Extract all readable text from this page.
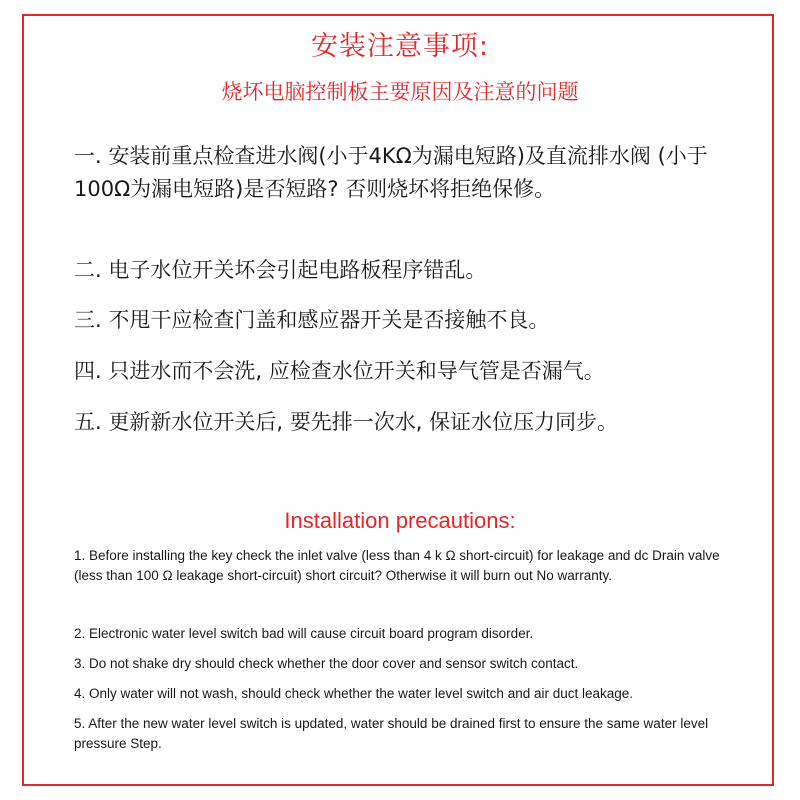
安装注意事项:
烧坏电脑控制板主要原因及注意的问题

一. 安装前重点检查进水阀(小于4KΩ为漏电短路)及直流排水阀 (小于100Ω为漏电短路)是否短路? 否则烧坏将拒绝保修。

二. 电子水位开关坏会引起电路板程序错乱。

三. 不甩干应检查门盖和感应器开关是否接触不良。

四. 只进水而不会洗, 应检查水位开关和导气管是否漏气。

五. 更新新水位开关后, 要先排一次水, 保证水位压力同步。

Installation precautions:

1. Before installing the key check the inlet valve (less than 4 k Ω short-circuit) for leakage and dc Drain valve (less than 100 Ω leakage short-circuit) short circuit? Otherwise it will burn out No warranty.

2. Electronic water level switch bad will cause circuit board program disorder.

3. Do not shake dry should check whether the door cover and sensor switch contact.

4. Only water will not wash, should check whether the water level switch and air duct leakage.

5. After the new water level switch is updated, water should be drained first to ensure the same water level pressure Step.
